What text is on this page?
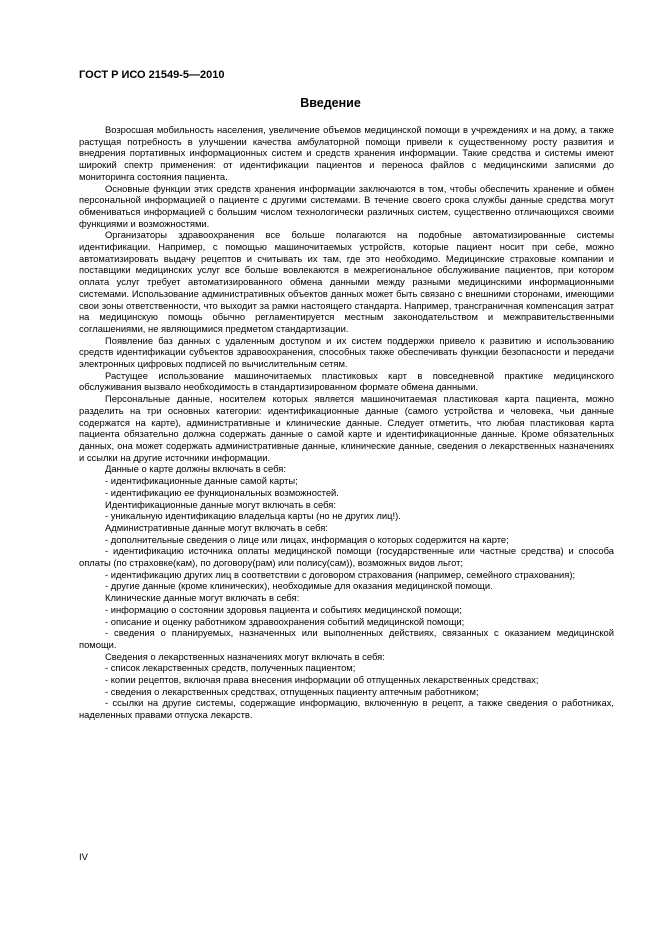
ГОСТ Р ИСО 21549-5—2010
Введение

Возросшая мобильность населения, увеличение объемов медицинской помощи в учреждениях и на дому, а также растущая потребность в улучшении качества амбулаторной помощи привели к существенному росту развития и внедрения портативных информационных систем и средств хранения информации. Такие средства и системы имеют широкий спектр применения: от идентификации пациентов и переноса файлов с медицинскими записями до мониторинга состояния пациента.

Основные функции этих средств хранения информации заключаются в том, чтобы обеспечить хранение и обмен персональной информацией о пациенте с другими системами. В течение своего срока службы данные средства могут обмениваться информацией с большим числом технологически различных систем, существенно отличающихся своими функциями и возможностями.

Организаторы здравоохранения все больше полагаются на подобные автоматизированные системы идентификации. Например, с помощью машиночитаемых устройств, которые пациент носит при себе, можно автоматизировать выдачу рецептов и считывать их там, где это необходимо. Медицинские страховые компании и поставщики медицинских услуг все больше вовлекаются в межрегиональное обслуживание пациентов, при котором оплата услуг требует автоматизированного обмена данными между разными медицинскими информационными системами. Использование административных объектов данных может быть связано с внешними сторонами, имеющими свои зоны ответственности, что выходит за рамки настоящего стандарта. Например, трансграничная компенсация затрат на медицинскую помощь обычно регламентируется местным законодательством и межправительственными соглашениями, не являющимися предметом стандартизации.

Появление баз данных с удаленным доступом и их систем поддержки привело к развитию и использованию средств идентификации субъектов здравоохранения, способных также обеспечивать функции безопасности и передачи электронных цифровых подписей по вычислительным сетям.

Растущее использование машиночитаемых пластиковых карт в повседневной практике медицинского обслуживания вызвало необходимость в стандартизированном формате обмена данными.

Персональные данные, носителем которых является машиночитаемая пластиковая карта пациента, можно разделить на три основных категории: идентификационные данные (самого устройства и человека, чьи данные содержатся на карте), административные и клинические данные. Следует отметить, что любая пластиковая карта пациента обязательно должна содержать данные о самой карте и идентификационные данные. Кроме обязательных данных, она может содержать административные данные, клинические данные, сведения о лекарственных назначениях и ссылки на другие источники информации.

Данные о карте должны включать в себя:

- идентификационные данные самой карты;

- идентификацию ее функциональных возможностей.

Идентификационные данные могут включать в себя:

- уникальную идентификацию владельца карты (но не других лиц!).

Административные данные могут включать в себя:

- дополнительные сведения о лице или лицах, информация о которых содержится на карте;

- идентификацию источника оплаты медицинской помощи (государственные или частные средства) и способа оплаты (по страховке(кам), по договору(рам) или полису(сам)), возможных видов льгот;

- идентификацию других лиц в соответствии с договором страхования (например, семейного страхования);

- другие данные (кроме клинических), необходимые для оказания медицинской помощи.

Клинические данные могут включать в себя:

- информацию о состоянии здоровья пациента и событиях медицинской помощи;

- описание и оценку работником здравоохранения событий медицинской помощи;

- сведения о планируемых, назначенных или выполненных действиях, связанных с оказанием медицинской помощи.

Сведения о лекарственных назначениях могут включать в себя:

- список лекарственных средств, полученных пациентом;

- копии рецептов, включая права внесения информации об отпущенных лекарственных средствах;

- сведения о лекарственных средствах, отпущенных пациенту аптечным работником;

- ссылки на другие системы, содержащие информацию, включенную в рецепт, а также сведения о работниках, наделенных правами отпуска лекарств.

IV
